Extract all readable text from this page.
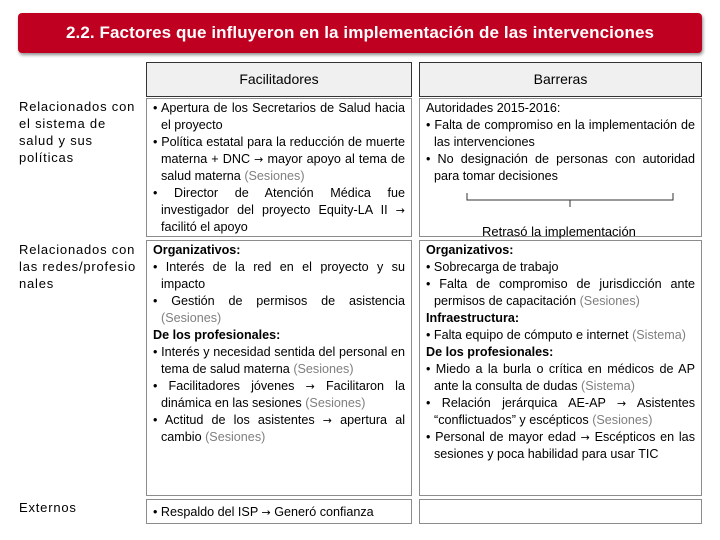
2.2. Factores que influyeron en la implementación de las intervenciones
Facilitadores	Barreras
Relacionados con el sistema de salud y sus políticas
Relacionados con las redes/profesionales
Externos
• Apertura de los Secretarios de Salud hacia el proyecto
• Política estatal para la reducción de muerte materna + DNC → mayor apoyo al tema de salud materna (Sesiones)
• Director de Atención Médica fue investigador del proyecto Equity-LA II → facilitó el apoyo
Autoridades 2015-2016:
• Falta de compromiso en la implementación de las intervenciones
• No designación de personas con autoridad para tomar decisiones
Retrasó la implementación
Organizativos:
• Interés de la red en el proyecto y su impacto
• Gestión de permisos de asistencia (Sesiones)
De los profesionales:
• Interés y necesidad sentida del personal en tema de salud materna (Sesiones)
• Facilitadores jóvenes → Facilitaron la dinámica en las sesiones (Sesiones)
• Actitud de los asistentes → apertura al cambio (Sesiones)
Organizativos:
• Sobrecarga de trabajo
• Falta de compromiso de jurisdicción ante permisos de capacitación (Sesiones)
Infraestructura:
• Falta equipo de cómputo e internet (Sistema)
De los profesionales:
• Miedo a la burla o crítica en médicos de AP ante la consulta de dudas (Sistema)
• Relación jerárquica AE-AP → Asistentes “conflictuados” y escépticos (Sesiones)
• Personal de mayor edad → Escépticos en las sesiones y poca habilidad para usar TIC
• Respaldo del ISP → Generó confianza
